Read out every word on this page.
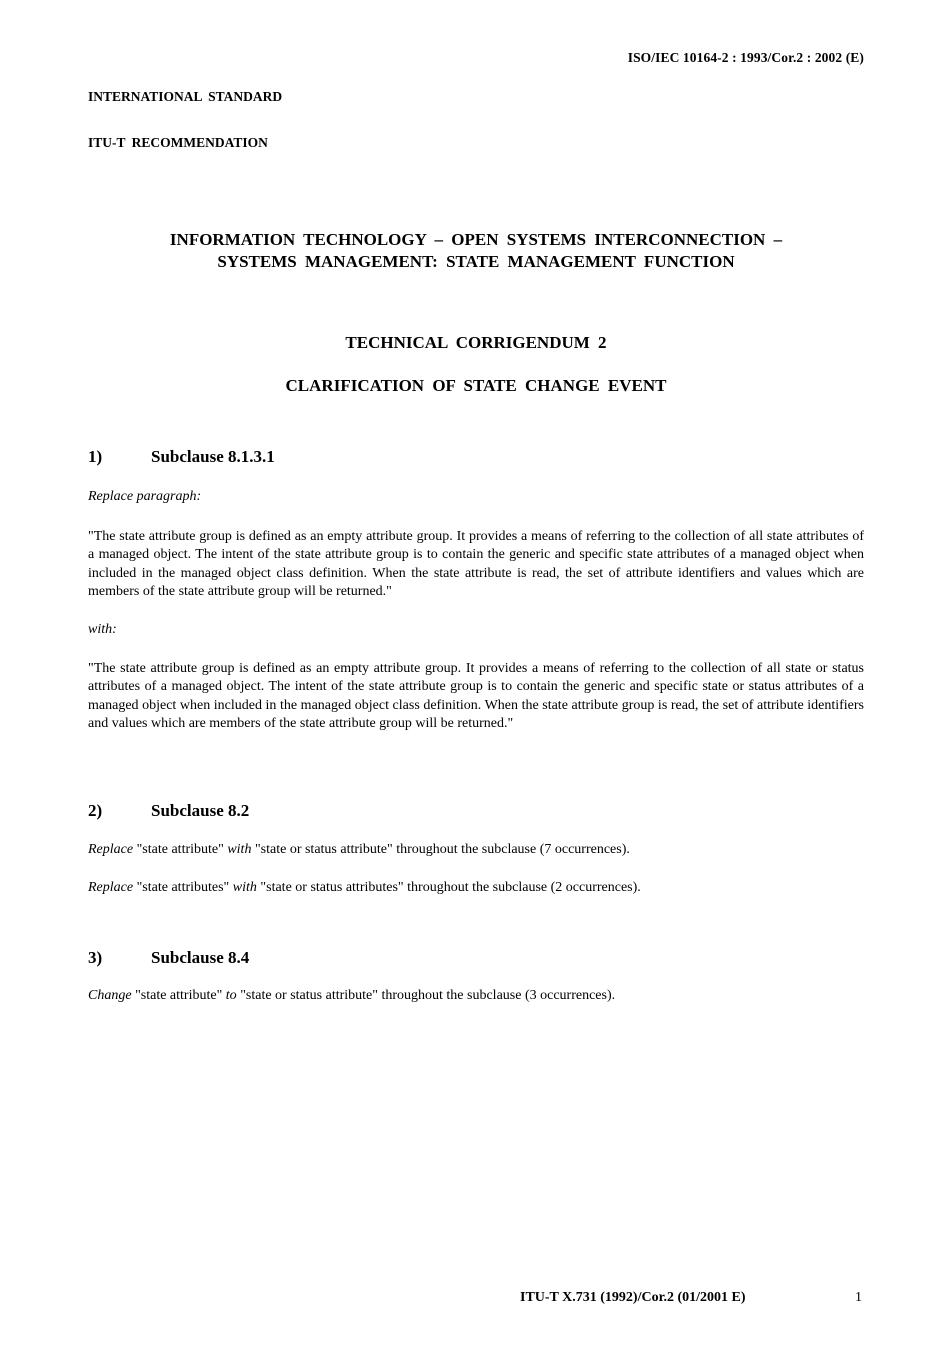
ISO/IEC 10164-2 : 1993/Cor.2 : 2002 (E)
INTERNATIONAL STANDARD
ITU-T RECOMMENDATION
INFORMATION TECHNOLOGY – OPEN SYSTEMS INTERCONNECTION –
SYSTEMS MANAGEMENT: STATE MANAGEMENT FUNCTION
TECHNICAL CORRIGENDUM 2
CLARIFICATION OF STATE CHANGE EVENT
1)	Subclause 8.1.3.1
Replace paragraph:
"The state attribute group is defined as an empty attribute group. It provides a means of referring to the collection of all state attributes of a managed object. The intent of the state attribute group is to contain the generic and specific state attributes of a managed object when included in the managed object class definition. When the state attribute is read, the set of attribute identifiers and values which are members of the state attribute group will be returned."
with:
"The state attribute group is defined as an empty attribute group. It provides a means of referring to the collection of all state or status attributes of a managed object. The intent of the state attribute group is to contain the generic and specific state or status attributes of a managed object when included in the managed object class definition. When the state attribute group is read, the set of attribute identifiers and values which are members of the state attribute group will be returned."
2)	Subclause 8.2
Replace "state attribute" with "state or status attribute" throughout the subclause (7 occurrences).
Replace "state attributes" with "state or status attributes" throughout the subclause (2 occurrences).
3)	Subclause 8.4
Change "state attribute" to "state or status attribute" throughout the subclause (3 occurrences).
ITU-T X.731 (1992)/Cor.2 (01/2001 E)	1
